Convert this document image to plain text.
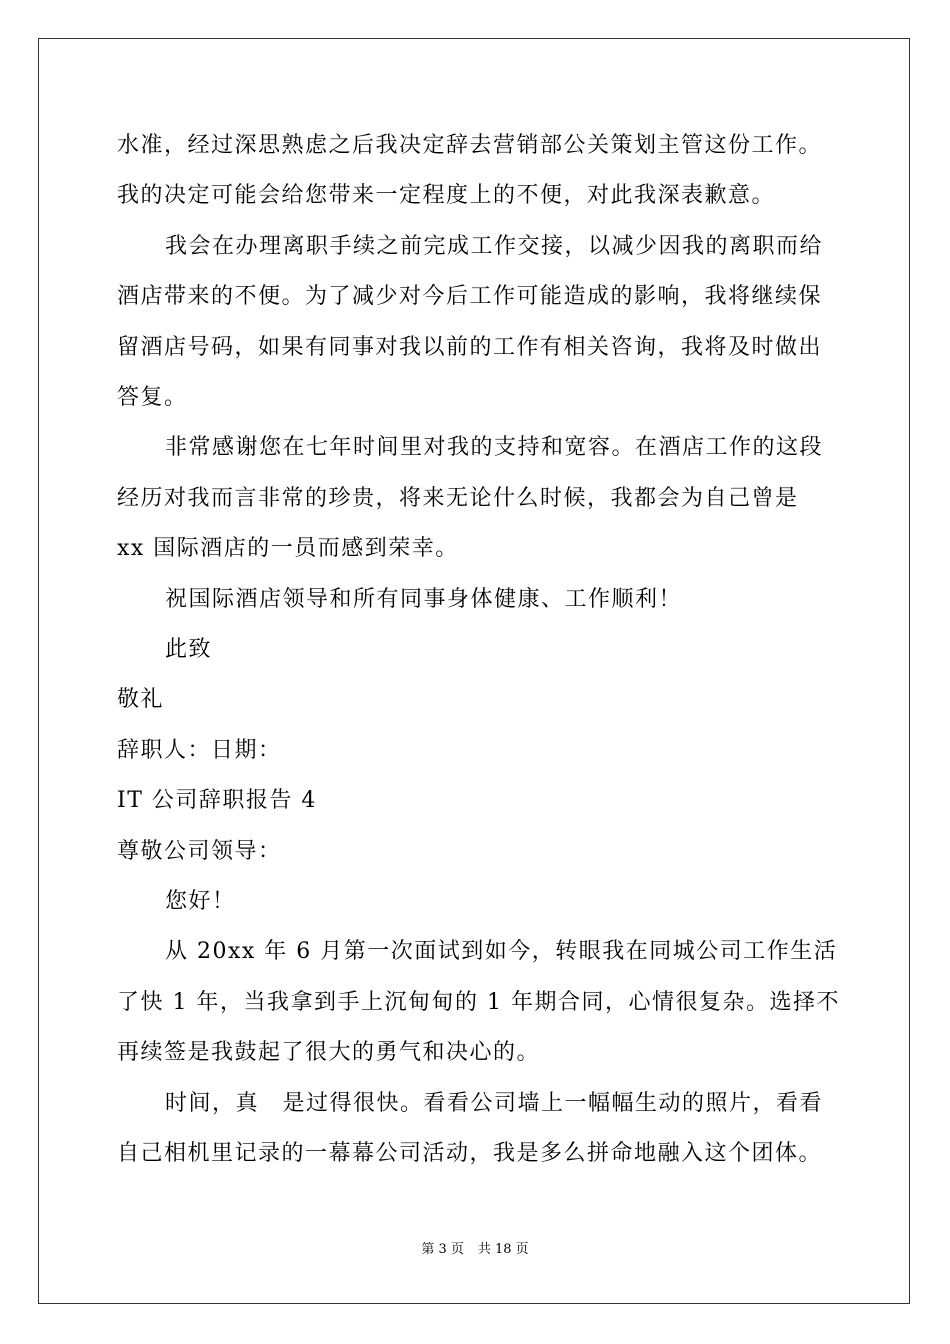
水准，经过深思熟虑之后我决定辞去营销部公关策划主管这份工作。
我的决定可能会给您带来一定程度上的不便，对此我深表歉意。
我会在办理离职手续之前完成工作交接，以减少因我的离职而给
酒店带来的不便。为了减少对今后工作可能造成的影响，我将继续保
留酒店号码，如果有同事对我以前的工作有相关咨询，我将及时做出
答复。
非常感谢您在七年时间里对我的支持和宽容。在酒店工作的这段
经历对我而言非常的珍贵，将来无论什么时候，我都会为自己曾是
xx 国际酒店的一员而感到荣幸。
祝国际酒店领导和所有同事身体健康、工作顺利！
此致
敬礼
辞职人：日期：
IT 公司辞职报告 4
尊敬公司领导：
您好！
从 20xx 年 6 月第一次面试到如今，转眼我在同城公司工作生活
了快 1 年，当我拿到手上沉甸甸的 1 年期合同，心情很复杂。选择不
再续签是我鼓起了很大的勇气和决心的。
时间，真　是过得很快。看看公司墙上一幅幅生动的照片，看看
自己相机里记录的一幕幕公司活动，我是多么拼命地融入这个团体。
第 3 页 共 18 页
